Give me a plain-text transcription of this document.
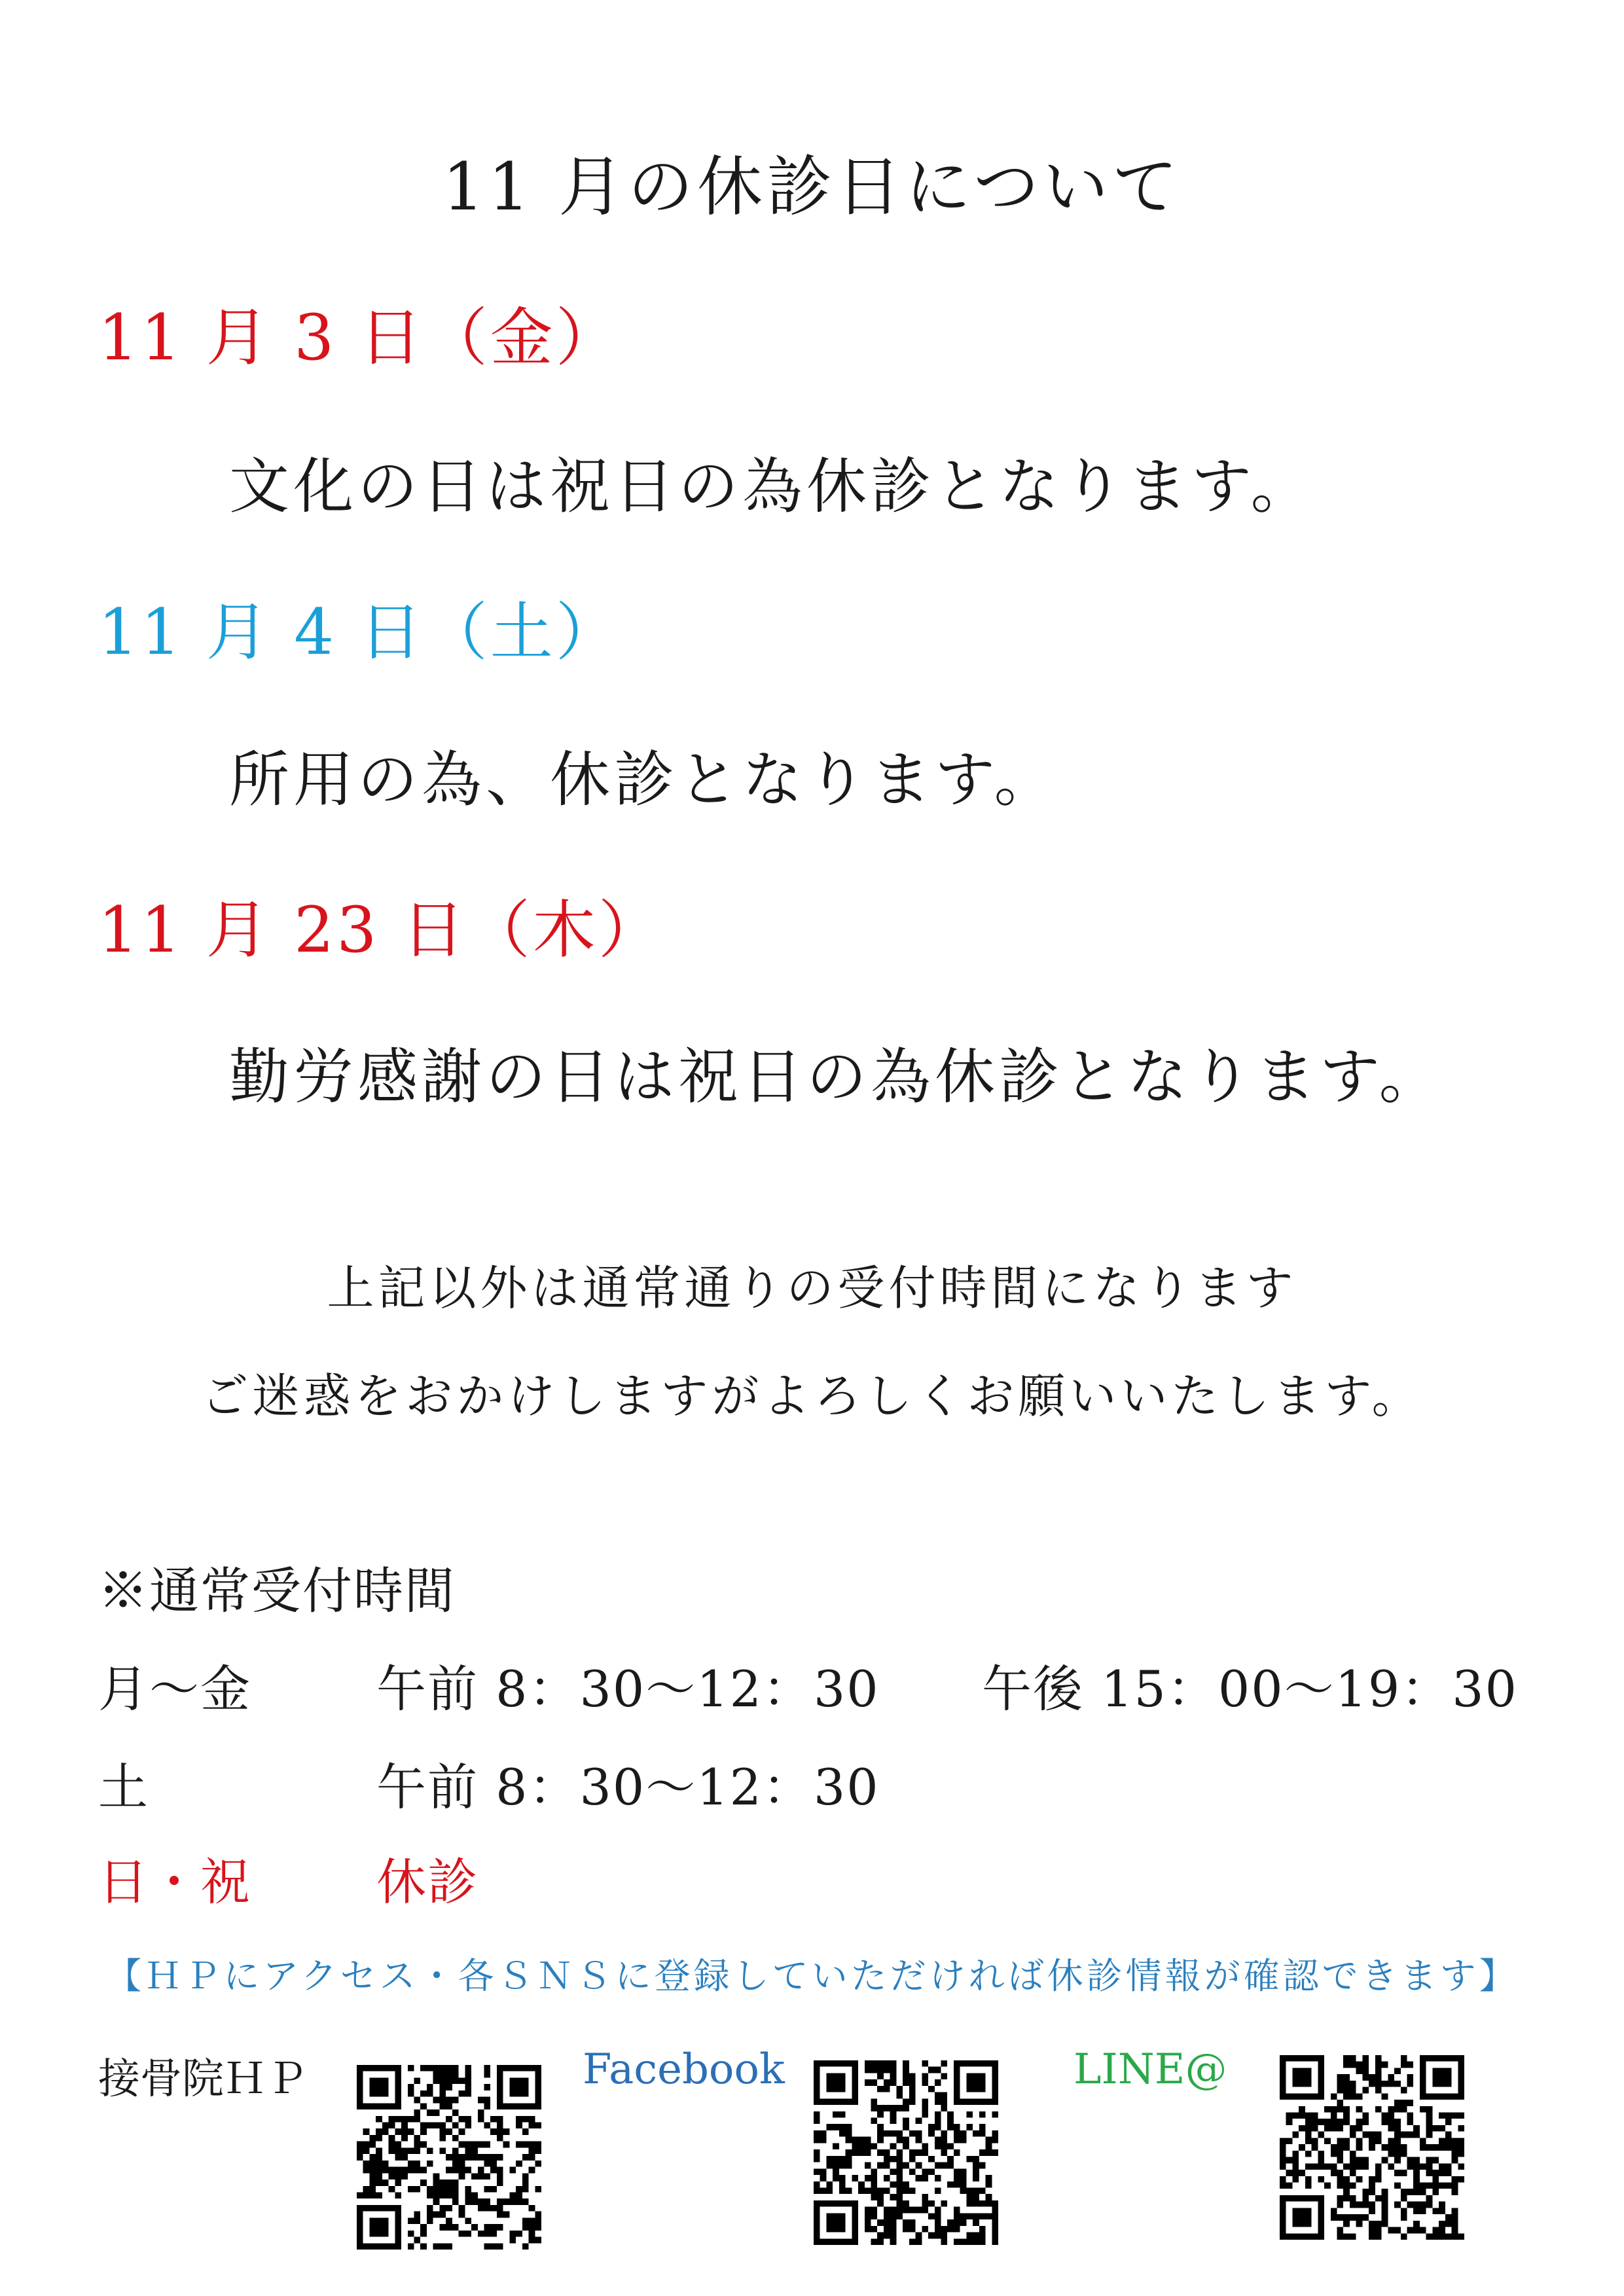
11 月の休診日について
11 月 3 日（金）
文化の日は祝日の為休診となります。
11 月 4 日（土）
所用の為、休診となります。
11 月 23 日（木）
勤労感謝の日は祝日の為休診となります。
上記以外は通常通りの受付時間になります
ご迷惑をおかけしますがよろしくお願いいたします。
※通常受付時間
月～金	午前 8：30～12：30 午後 15：00～19：30
土	午前 8：30～12：30
日・祝	休診
【ＨＰにアクセス・各ＳＮＳに登録していただければ休診情報が確認できます】
接骨院ＨＰ	Facebook	LINE@
